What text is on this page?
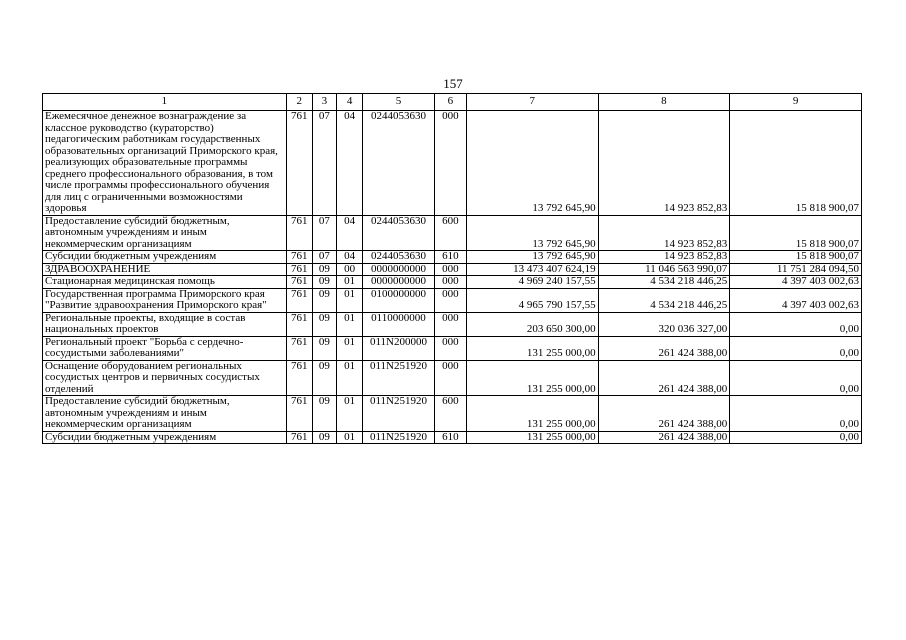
157
1	2	3	4	5	6	7	8	9
Ежемесячное денежное вознаграждение за классное руководство (кураторство) педагогическим работникам государственных образовательных организаций Приморского края, реализующих образовательные программы среднего профессионального образования, в том числе программы профессионального обучения для лиц с ограниченными возможностями здоровья	761	07	04	0244053630	000	13 792 645,90	14 923 852,83	15 818 900,07
Предоставление субсидий бюджетным, автономным учреждениям и иным некоммерческим организациям	761	07	04	0244053630	600	13 792 645,90	14 923 852,83	15 818 900,07
Субсидии бюджетным учреждениям	761	07	04	0244053630	610	13 792 645,90	14 923 852,83	15 818 900,07
ЗДРАВООХРАНЕНИЕ	761	09	00	0000000000	000	13 473 407 624,19	11 046 563 990,07	11 751 284 094,50
Стационарная медицинская помощь	761	09	01	0000000000	000	4 969 240 157,55	4 534 218 446,25	4 397 403 002,63
Государственная программа Приморского края "Развитие здравоохранения Приморского края"	761	09	01	0100000000	000	4 965 790 157,55	4 534 218 446,25	4 397 403 002,63
Региональные проекты, входящие в состав национальных проектов	761	09	01	0110000000	000	203 650 300,00	320 036 327,00	0,00
Региональный проект "Борьба с сердечно-сосудистыми заболеваниями"	761	09	01	011N200000	000	131 255 000,00	261 424 388,00	0,00
Оснащение оборудованием региональных сосудистых центров и первичных сосудистых отделений	761	09	01	011N251920	000	131 255 000,00	261 424 388,00	0,00
Предоставление субсидий бюджетным, автономным учреждениям и иным некоммерческим организациям	761	09	01	011N251920	600	131 255 000,00	261 424 388,00	0,00
Субсидии бюджетным учреждениям	761	09	01	011N251920	610	131 255 000,00	261 424 388,00	0,00
